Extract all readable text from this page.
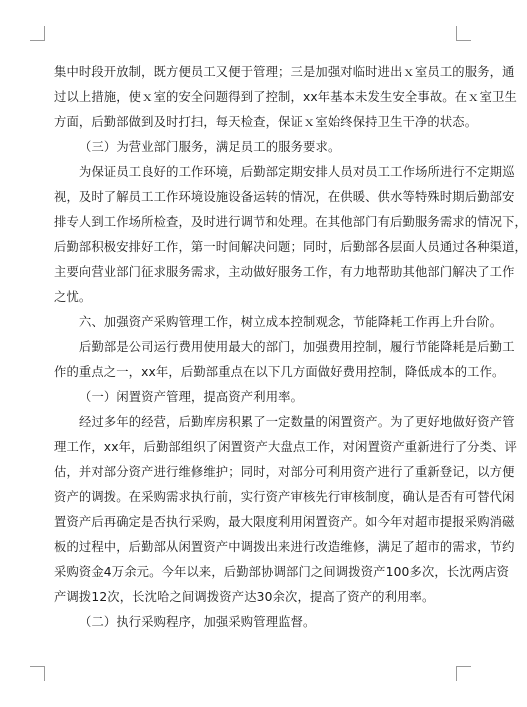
集中时段开放制，既方便员工又便于管理；三是加强对临时进出ｘ室员工的服务，通
过以上措施，使ｘ室的安全问题得到了控制，xx年基本未发生安全事故。在ｘ室卫生
方面，后勤部做到及时打扫，每天检查，保证ｘ室始终保持卫生干净的状态。
（三）为营业部门服务，满足员工的服务要求。
为保证员工良好的工作环境，后勤部定期安排人员对员工工作场所进行不定期巡
视，及时了解员工工作环境设施设备运转的情况，在供暖、供水等特殊时期后勤部安
排专人到工作场所检查，及时进行调节和处理。在其他部门有后勤服务需求的情况下，
后勤部积极安排好工作，第一时间解决问题；同时，后勤部各层面人员通过各种渠道，
主要向营业部门征求服务需求，主动做好服务工作，有力地帮助其他部门解决了工作
之忧。
六、加强资产采购管理工作，树立成本控制观念，节能降耗工作再上升台阶。
后勤部是公司运行费用使用最大的部门，加强费用控制，履行节能降耗是后勤工
作的重点之一，xx年，后勤部重点在以下几方面做好费用控制，降低成本的工作。
（一）闲置资产管理，提高资产利用率。
经过多年的经营，后勤库房积累了一定数量的闲置资产。为了更好地做好资产管
理工作，xx年，后勤部组织了闲置资产大盘点工作，对闲置资产重新进行了分类、评
估，并对部分资产进行维修维护；同时，对部分可利用资产进行了重新登记，以方便
资产的调拨。在采购需求执行前，实行资产审核先行审核制度，确认是否有可替代闲
置资产后再确定是否执行采购，最大限度利用闲置资产。如今年对超市提报采购消磁
板的过程中，后勤部从闲置资产中调拨出来进行改造维修，满足了超市的需求，节约
采购资金4万余元。今年以来，后勤部协调部门之间调拨资产100多次，长沈两店资
产调拨12次，长沈哈之间调拨资产达30余次，提高了资产的利用率。
（二）执行采购程序，加强采购管理监督。
